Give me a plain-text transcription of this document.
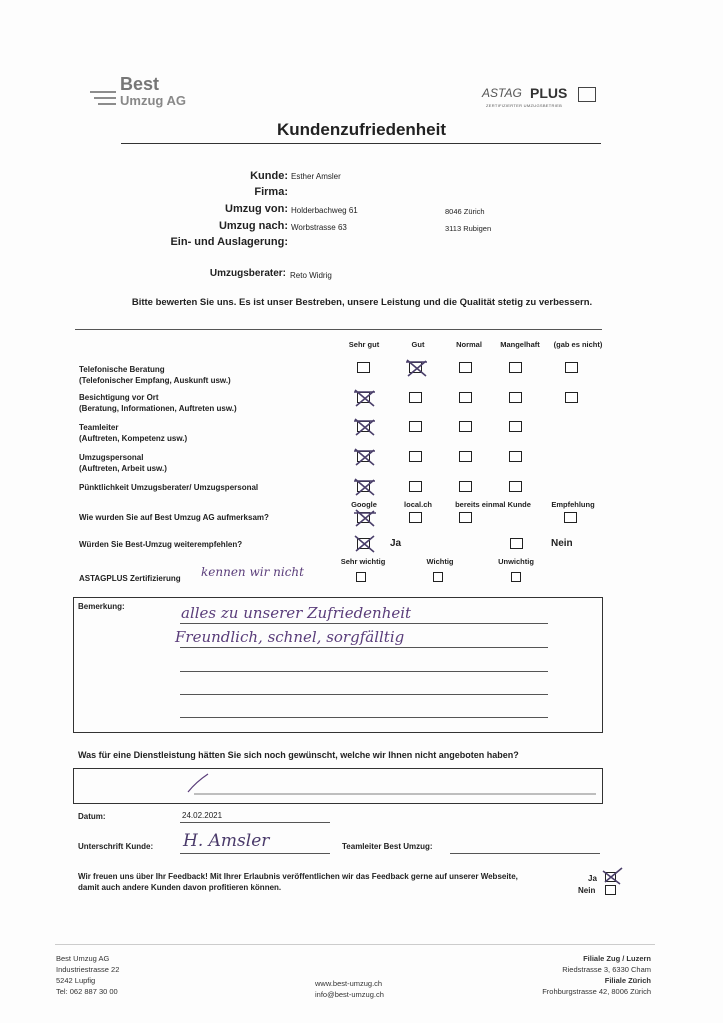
Best
Umzug AG	ASTAG PLUS
ZERTIFIZIERTER UMZUGSBETRIEB
Kundenzufriedenheit
Kunde: Esther Amsler
Firma:
Umzug von: Holderbachweg 61	8046 Zürich
Umzug nach: Worbstrasse 63	3113 Rubigen
Ein- und Auslagerung:
Umzugsberater: Reto Widrig
Bitte bewerten Sie uns. Es ist unser Bestreben, unsere Leistung und die Qualität stetig zu verbessern.
Sehr gut	Gut	Normal	Mangelhaft	(gab es nicht)
Telefonische Beratung
(Telefonischer Empfang, Auskunft usw.)
Besichtigung vor Ort
(Beratung, Informationen, Auftreten usw.)
Teamleiter
(Auftreten, Kompetenz usw.)
Umzugspersonal
(Auftreten, Arbeit usw.)
Pünktlichkeit Umzugsberater/ Umzugspersonal
Google	local.ch	bereits einmal Kunde	Empfehlung
Wie wurden Sie auf Best Umzug AG aufmerksam?
Würden Sie Best-Umzug weiterempfehlen?	Ja	Nein
Sehr wichtig	Wichtig	Unwichtig
ASTAGPLUS Zertifizierung kennen wir nicht
Bemerkung:	alles zu unserer Zufriedenheit
Freundlich, schnel, sorgfälltig
Was für eine Dienstleistung hätten Sie sich noch gewünscht, welche wir Ihnen nicht angeboten haben?
Datum:	24.02.2021
Unterschrift Kunde: H. Amsler	Teamleiter Best Umzug:
Wir freuen uns über Ihr Feedback! Mit Ihrer Erlaubnis veröffentlichen wir das Feedback gerne auf unserer Webseite,
damit auch andere Kunden davon profitieren können.
Ja
Nein
Best Umzug AG
Industriestrasse 22
5242 Lupfig
Tel: 062 887 30 00
www.best-umzug.ch
info@best-umzug.ch
Filiale Zug / Luzern
Riedstrasse 3, 6330 Cham
Filiale Zürich
Frohburgstrasse 42, 8006 Zürich
